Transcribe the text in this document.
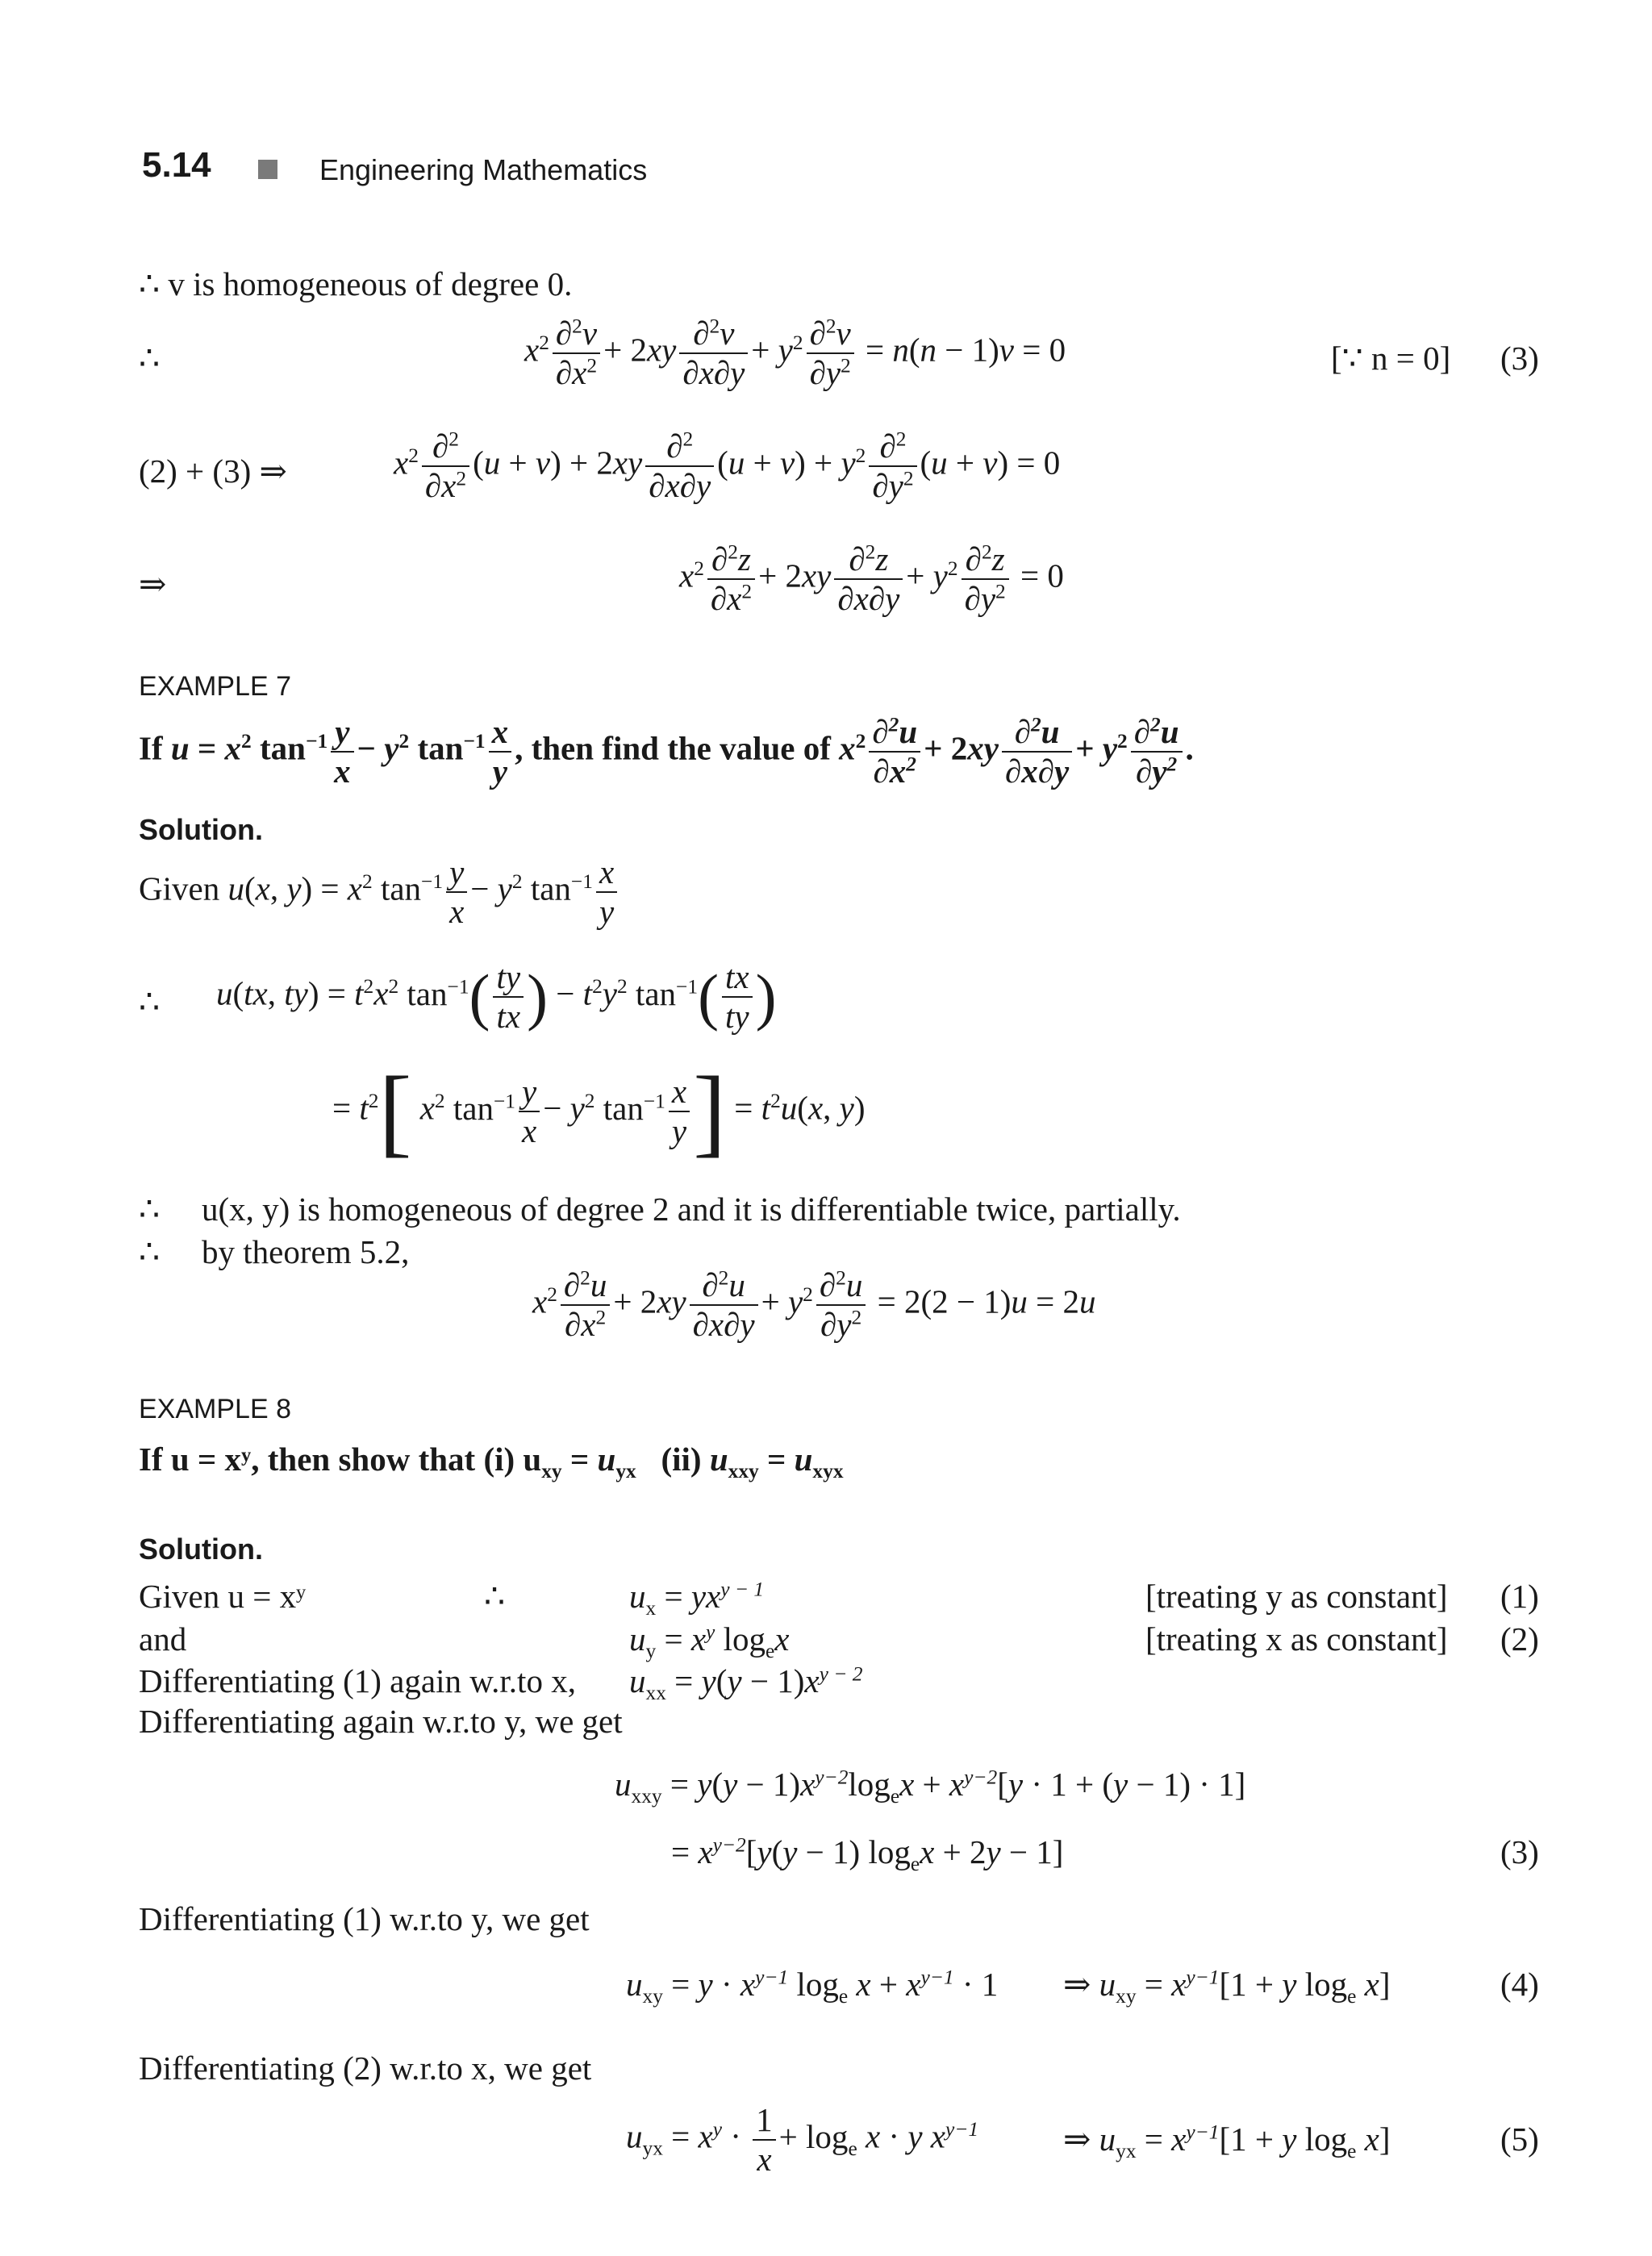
5.14	Engineering Mathematics
∴ v is homogeneous of degree 0.
∴	$x^2 \frac{\partial^2v}{\partial x^2} + 2xy \frac{\partial^2v}{\partial x\partial y} + y^2 \frac{\partial^2v}{\partial y^2} = n(n - 1)v = 0$	[∵ n = 0] (3)
(2) + (3) ⇒	$x^2 \frac{\partial^2}{\partial x^2} (u + v) + 2xy \frac{\partial^2}{\partial x\partial y} (u + v) + y^2 \frac{\partial^2}{\partial y^2} (u + v) = 0$
⇒	$x^2 \frac{\partial^2z}{\partial x^2} + 2xy \frac{\partial^2z}{\partial x\partial y} + y^2 \frac{\partial^2z}{\partial y^2} = 0$
EXAMPLE 7
If $u = x^2$ $\tan^{-1} \frac{y}{x} - y^2$ $\tan^{-1} \frac{x}{y}$ , then find the value of $x^2 \frac{\partial^2u}{\partial x^2} + 2xy \frac{\partial^2u}{\partial x\partial y} + y^2 \frac{\partial^2u}{\partial y^2}$ .
Solution.
Given u(x, $y) = x^2$ $\tan^{-1} \frac{y}{x} - y^2$ $\tan^{-1} \frac{x}{y}$
∴ u(tx, $ty) = t^2x^2$ $\tan^{-1}( \frac{ty}{tx}$ ) − $t^2y^2$ $\tan^{-1}( \frac{tx}{ty}$ )
= $t^2$[ $x^2$ $\tan^{-1} \frac{y}{x} - y^2$ $\tan^{-1} \frac{x}{y}$ ] = $t^2u(x$, y)
∴ u(x, y) is homogeneous of degree 2 and it is differentiable twice, partially.
∴ by theorem 5.2,
$x^2 \frac{\partial^2u}{\partial x^2} + 2xy \frac{\partial^2u}{\partial x\partial y} + y^2 \frac{\partial^2u}{\partial y^2} = 2(2 - 1)u = 2u$
EXAMPLE 8
If u = xʸ, then show that (i) $u_{xy} = u_{yx}$   (ii) $u_{xxy} = u_{xyx}$
Solution.
Given u = xʸ	∴	$u_x = yx^{y - 1}$	[treating y as constant] (1)
and	$u_y = x^y$ $\log_ex$	[treating x as constant] (2)
Differentiating (1) again w.r.to x, $u_{xx} = y(y - 1)x^{y - 2}$
Differentiating again w.r.to y, we get
$u_{xxy} = y(y - 1)x^{y-2}\log_ex + x^{y-2}[y \cdot 1 + (y - 1) \cdot 1]$
= $x^{y-2}[y(y - 1) \log_ex + 2y - 1]$	(3)
Differentiating (1) w.r.to y, we get
$u_{xy} = y \cdot x^{y-1}$ $\log_e x + x^{y-1} \cdot 1$ ⇒ $u_{xy} = x^{y-1}[1 + y$ $\log_e x$]	(4)
Differentiating (2) w.r.to x, we get
$u_{yx} = x^y \cdot \frac{1}{x} + \log_e x \cdot y$ $x^{y-1}$	⇒ $u_{yx} = x^{y-1}[1 + y$ $\log_e x$]	(5)
